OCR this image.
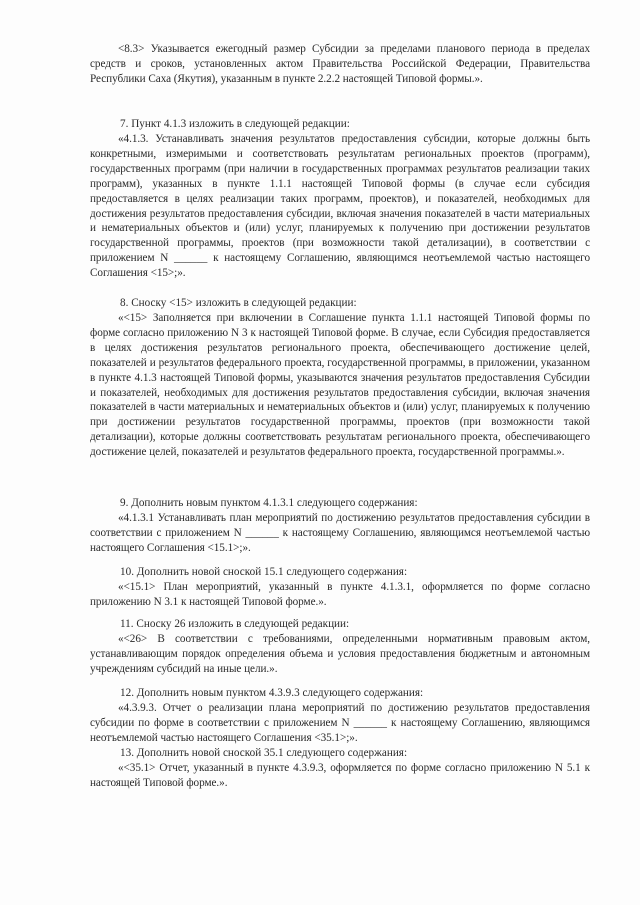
<8.3> Указывается ежегодный размер Субсидии за пределами планового периода в пределах средств и сроков, установленных актом Правительства Российской Федерации, Правительства Республики Саха (Якутия), указанным в пункте 2.2.2 настоящей Типовой формы.».

7. Пункт 4.1.3 изложить в следующей редакции:

«4.1.3. Устанавливать значения результатов предоставления субсидии, которые должны быть конкретными, измеримыми и соответствовать результатам региональных проектов (программ), государственных программ (при наличии в государственных программах результатов реализации таких программ), указанных в пункте 1.1.1 настоящей Типовой формы (в случае если субсидия предоставляется в целях реализации таких программ, проектов), и показателей, необходимых для достижения результатов предоставления субсидии, включая значения показателей в части материальных и нематериальных объектов и (или) услуг, планируемых к получению при достижении результатов государственной программы, проектов (при возможности такой детализации), в соответствии с приложением N ______ к настоящему Соглашению, являющимся неотъемлемой частью настоящего Соглашения <15>;».

8. Сноску <15> изложить в следующей редакции:

«<15> Заполняется при включении в Соглашение пункта 1.1.1 настоящей Типовой формы по форме согласно приложению N 3 к настоящей Типовой форме. В случае, если Субсидия предоставляется в целях достижения результатов регионального проекта, обеспечивающего достижение целей, показателей и результатов федерального проекта, государственной программы, в приложении, указанном в пункте 4.1.3 настоящей Типовой формы, указываются значения результатов предоставления Субсидии и показателей, необходимых для достижения результатов предоставления субсидии, включая значения показателей в части материальных и нематериальных объектов и (или) услуг, планируемых к получению при достижении результатов государственной программы, проектов (при возможности такой детализации), которые должны соответствовать результатам регионального проекта, обеспечивающего достижение целей, показателей и результатов федерального проекта, государственной программы.».

9. Дополнить новым пунктом 4.1.3.1 следующего содержания:

«4.1.3.1 Устанавливать план мероприятий по достижению результатов предоставления субсидии в соответствии с приложением N ______ к настоящему Соглашению, являющимся неотъемлемой частью настоящего Соглашения <15.1>;».

10. Дополнить новой сноской 15.1 следующего содержания:

«<15.1> План мероприятий, указанный в пункте 4.1.3.1, оформляется по форме согласно приложению N 3.1 к настоящей Типовой форме.».

11. Сноску 26 изложить в следующей редакции:

«<26> В соответствии с требованиями, определенными нормативным правовым актом, устанавливающим порядок определения объема и условия предоставления бюджетным и автономным учреждениям субсидий на иные цели.».

12. Дополнить новым пунктом 4.3.9.3 следующего содержания:

«4.3.9.3. Отчет о реализации плана мероприятий по достижению результатов предоставления субсидии по форме в соответствии с приложением N ______ к настоящему Соглашению, являющимся неотъемлемой частью настоящего Соглашения <35.1>;».

13. Дополнить новой сноской 35.1 следующего содержания:

«<35.1> Отчет, указанный в пункте 4.3.9.3, оформляется по форме согласно приложению N 5.1 к настоящей Типовой форме.».
